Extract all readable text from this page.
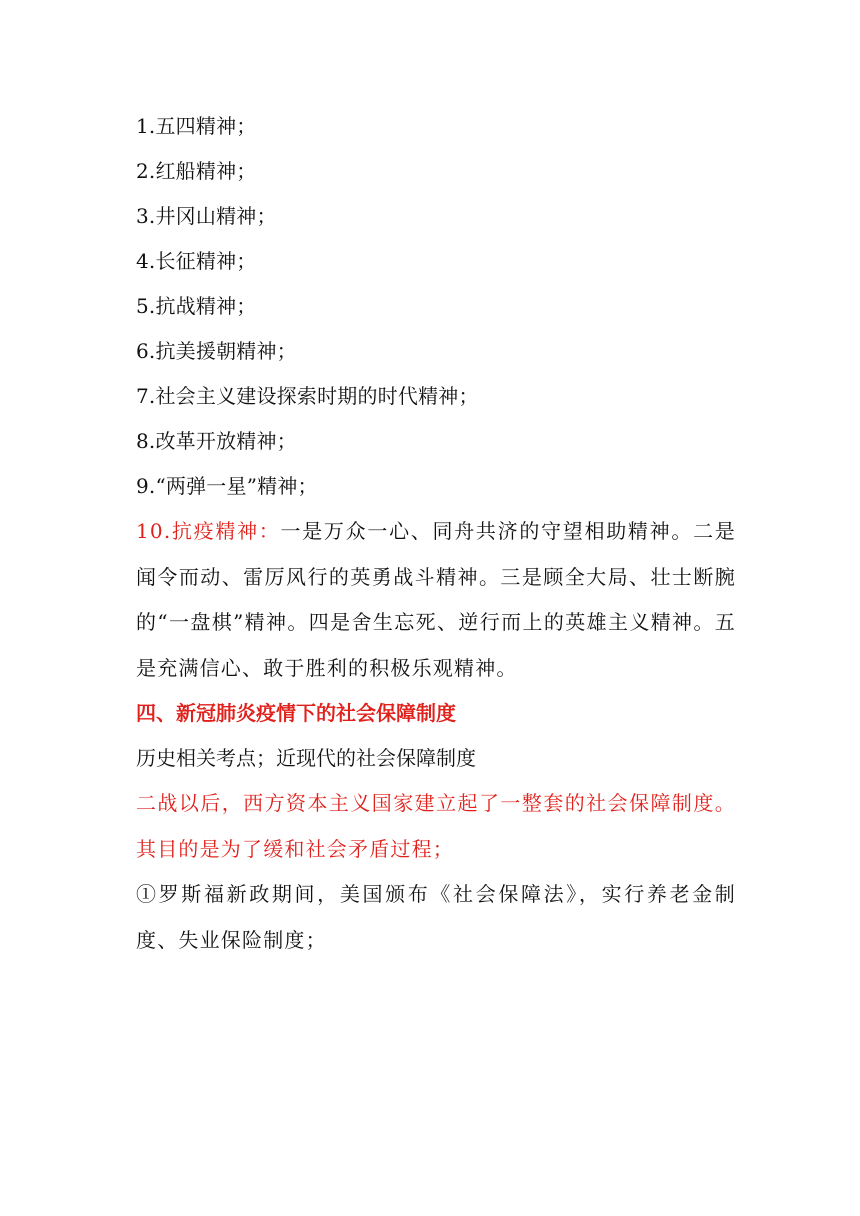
1.五四精神；
2.红船精神；
3.井冈山精神；
4.长征精神；
5.抗战精神；
6.抗美援朝精神；
7.社会主义建设探索时期的时代精神；
8.改革开放精神；
9.“两弹一星”精神；

10.抗疫精神：一是万众一心、同舟共济的守望相助精神。二是闻令而动、雷厉风行的英勇战斗精神。三是顾全大局、壮士断腕的“一盘棋”精神。四是舍生忘死、逆行而上的英雄主义精神。五是充满信心、敢于胜利的积极乐观精神。

四、新冠肺炎疫情下的社会保障制度
历史相关考点；近现代的社会保障制度

二战以后，西方资本主义国家建立起了一整套的社会保障制度。其目的是为了缓和社会矛盾过程；

①罗斯福新政期间，美国颁布《社会保障法》，实行养老金制度、失业保险制度；
